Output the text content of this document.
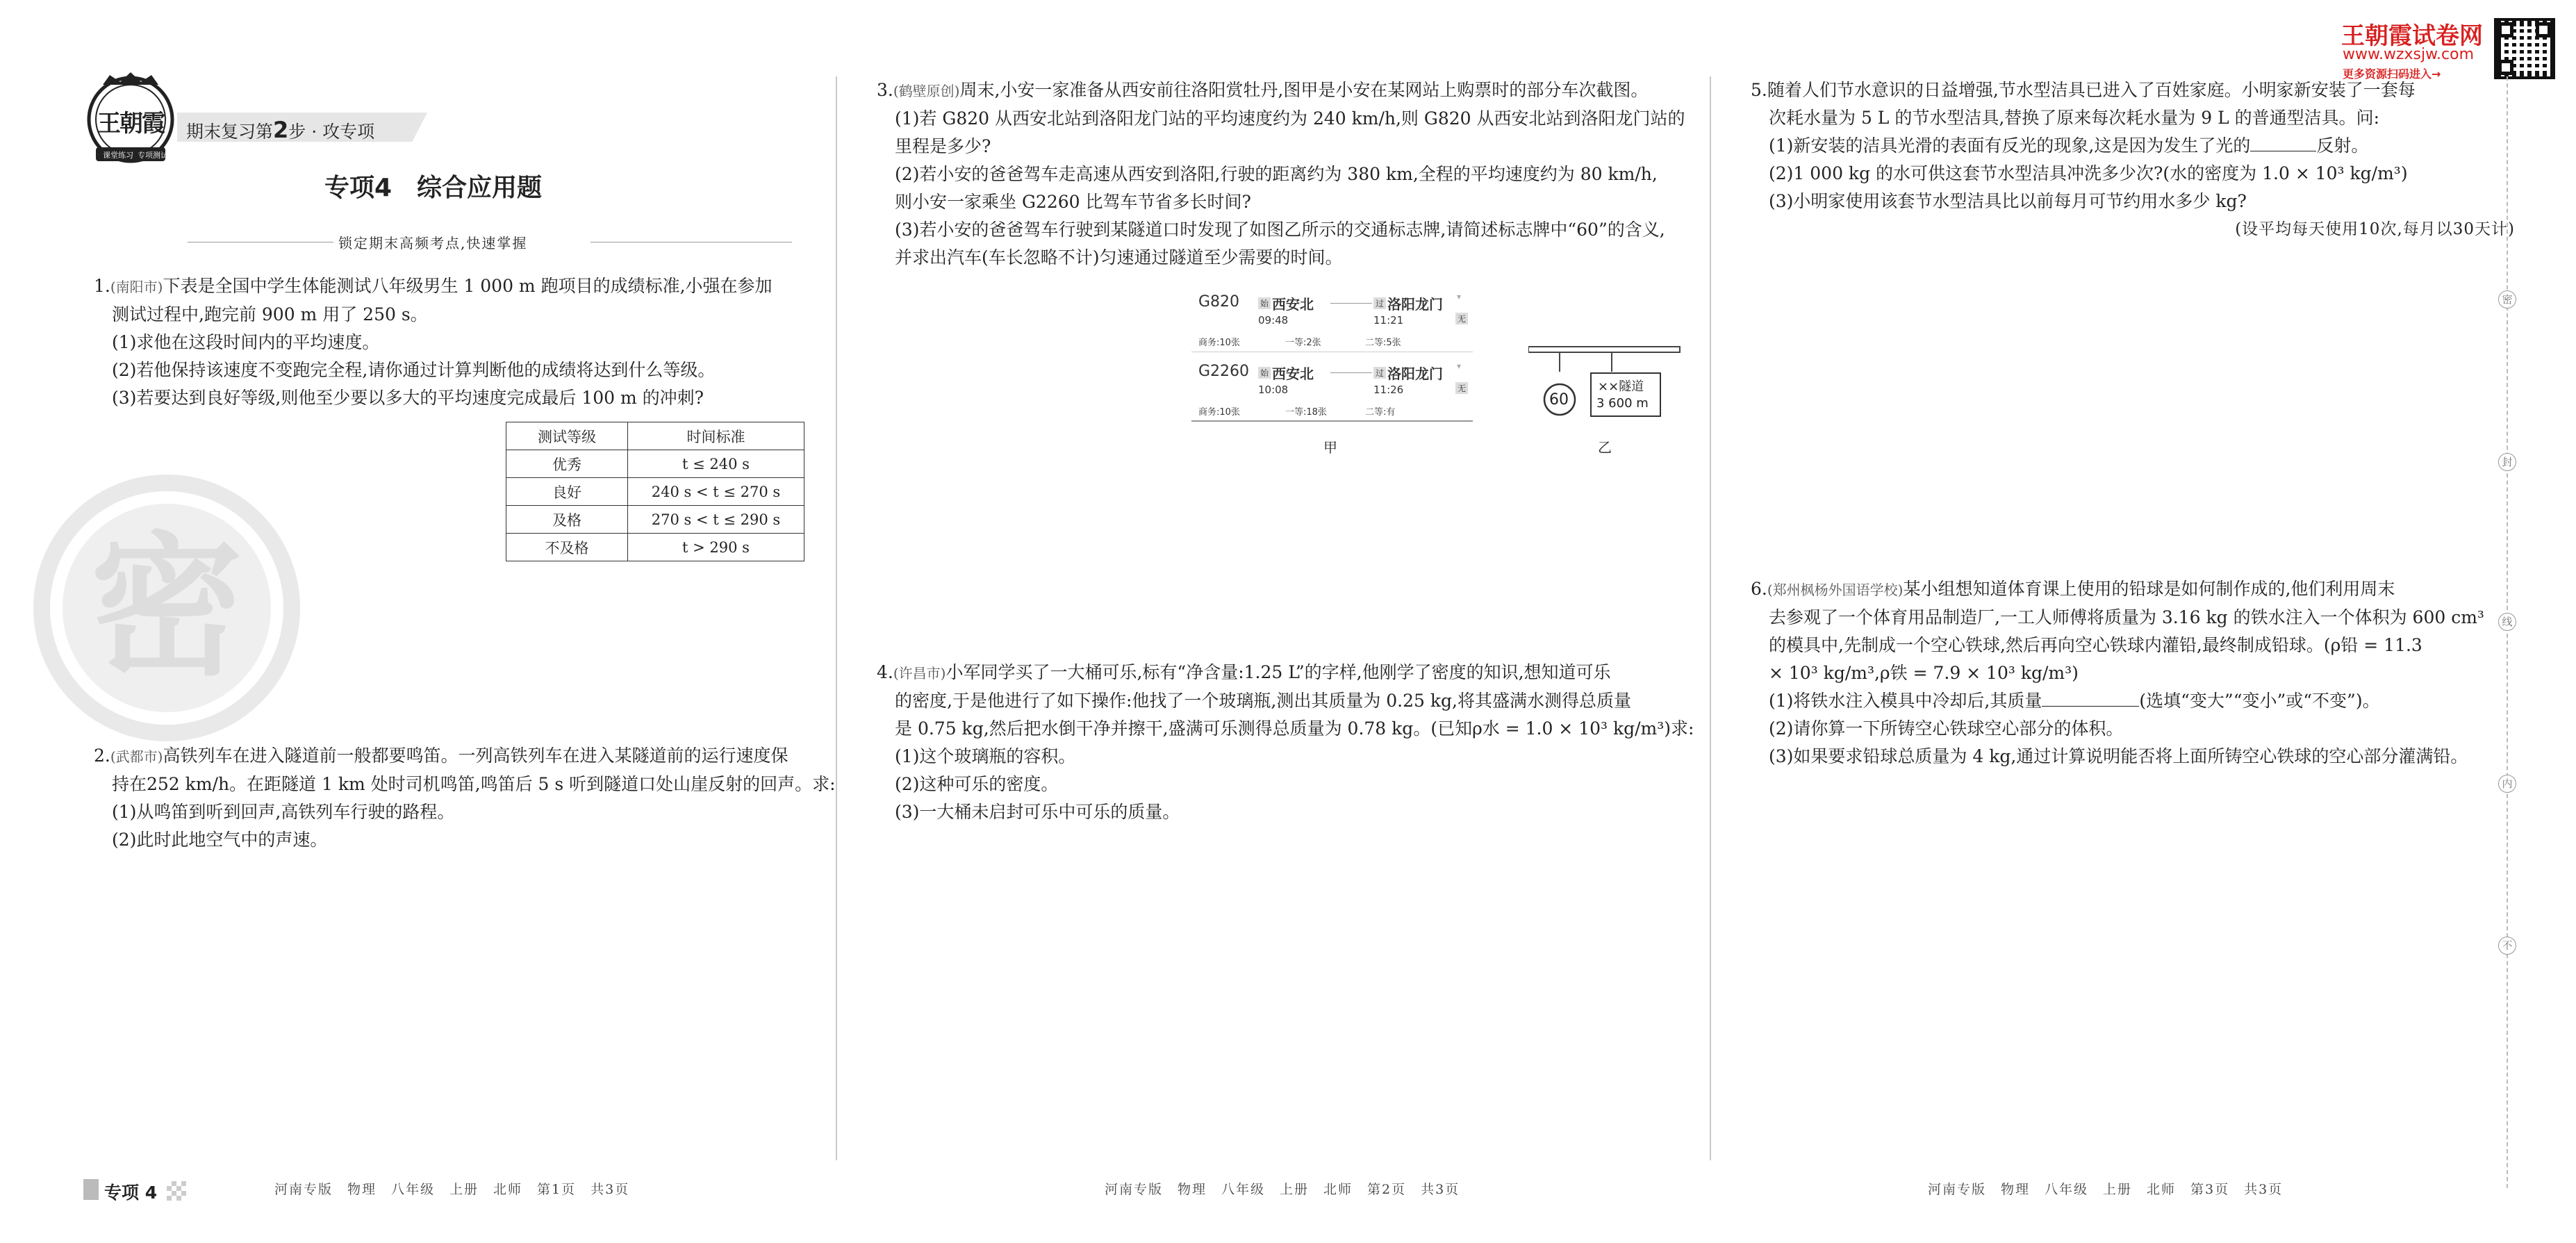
王朝霞
课堂练习 专项测试
期末复习第2步 · 攻专项
专项4　综合应用题
锁定期末高频考点,快速掌握
密
1.(南阳市)下表是全国中学生体能测试八年级男生 1 000 m 跑项目的成绩标准,小强在参加
测试过程中,跑完前 900 m 用了 250 s。
(1)求他在这段时间内的平均速度。
(2)若他保持该速度不变跑完全程,请你通过计算判断他的成绩将达到什么等级。
(3)若要达到良好等级,则他至少要以多大的平均速度完成最后 100 m 的冲刺?
测试等级	时间标准
优秀	t ≤ 240 s
良好	240 s < t ≤ 270 s
及格	270 s < t ≤ 290 s
不及格	t > 290 s
2.(武都市)高铁列车在进入隧道前一般都要鸣笛。一列高铁列车在进入某隧道前的运行速度保
持在252 km/h。在距隧道 1 km 处时司机鸣笛,鸣笛后 5 s 听到隧道口处山崖反射的回声。求:
(1)从鸣笛到听到回声,高铁列车行驶的路程。
(2)此时此地空气中的声速。
专项 4	河南专版　物理　八年级　上册　北师　第1页　共3页
3.(鹤壁原创)周末,小安一家准备从西安前往洛阳赏牡丹,图甲是小安在某网站上购票时的部分车次截图。
(1)若 G820 从西安北站到洛阳龙门站的平均速度约为 240 km/h,则 G820 从西安北站到洛阳龙门站的
里程是多少?
(2)若小安的爸爸驾车走高速从西安到洛阳,行驶的距离约为 380 km,全程的平均速度约为 80 km/h,
则小安一家乘坐 G2260 比驾车节省多长时间?
(3)若小安的爸爸驾车行驶到某隧道口时发现了如图乙所示的交通标志牌,请简述标志牌中“60”的含义,
并求出汽车(车长忽略不计)匀速通过隧道至少需要的时间。
G820 始 西安北
09:48
过 洛阳龙门
11:21	无
▾
商务:10张	一等:2张	二等:5张
G2260 始 西安北
10:08
过 洛阳龙门
11:26	无
▾
商务:10张	一等:18张	二等:有
甲
60
××隧道
3 600 m
乙
4.(许昌市)小军同学买了一大桶可乐,标有“净含量:1.25 L”的字样,他刚学了密度的知识,想知道可乐
的密度,于是他进行了如下操作:他找了一个玻璃瓶,测出其质量为 0.25 kg,将其盛满水测得总质量
是 0.75 kg,然后把水倒干净并擦干,盛满可乐测得总质量为 0.78 kg。(已知ρ水 = 1.0 × 10³ kg/m³)求:
(1)这个玻璃瓶的容积。
(2)这种可乐的密度。
(3)一大桶未启封可乐中可乐的质量。
河南专版　物理　八年级　上册　北师　第2页　共3页
王朝霞试卷网
www.wzxsjw.com
更多资源扫码进入→
5.随着人们节水意识的日益增强,节水型洁具已进入了百姓家庭。小明家新安装了一套每
次耗水量为 5 L 的节水型洁具,替换了原来每次耗水量为 9 L 的普通型洁具。问:
(1)新安装的洁具光滑的表面有反光的现象,这是因为发生了光的	反射。
(2)1 000 kg 的水可供这套节水型洁具冲洗多少次?(水的密度为 1.0 × 10³ kg/m³)
(3)小明家使用该套节水型洁具比以前每月可节约用水多少 kg?
(设平均每天使用10次,每月以30天计)
6.(郑州枫杨外国语学校)某小组想知道体育课上使用的铅球是如何制作成的,他们利用周末
去参观了一个体育用品制造厂,一工人师傅将质量为 3.16 kg 的铁水注入一个体积为 600 cm³
的模具中,先制成一个空心铁球,然后再向空心铁球内灌铅,最终制成铅球。(ρ铅 = 11.3
× 10³ kg/m³,ρ铁 = 7.9 × 10³ kg/m³)
(1)将铁水注入模具中冷却后,其质量	(选填“变大”“变小”或“不变”)。
(2)请你算一下所铸空心铁球空心部分的体积。
(3)如果要求铅球总质量为 4 kg,通过计算说明能否将上面所铸空心铁球的空心部分灌满铅。
河南专版　物理　八年级　上册　北师　第3页　共3页
密
封
线
内
不
